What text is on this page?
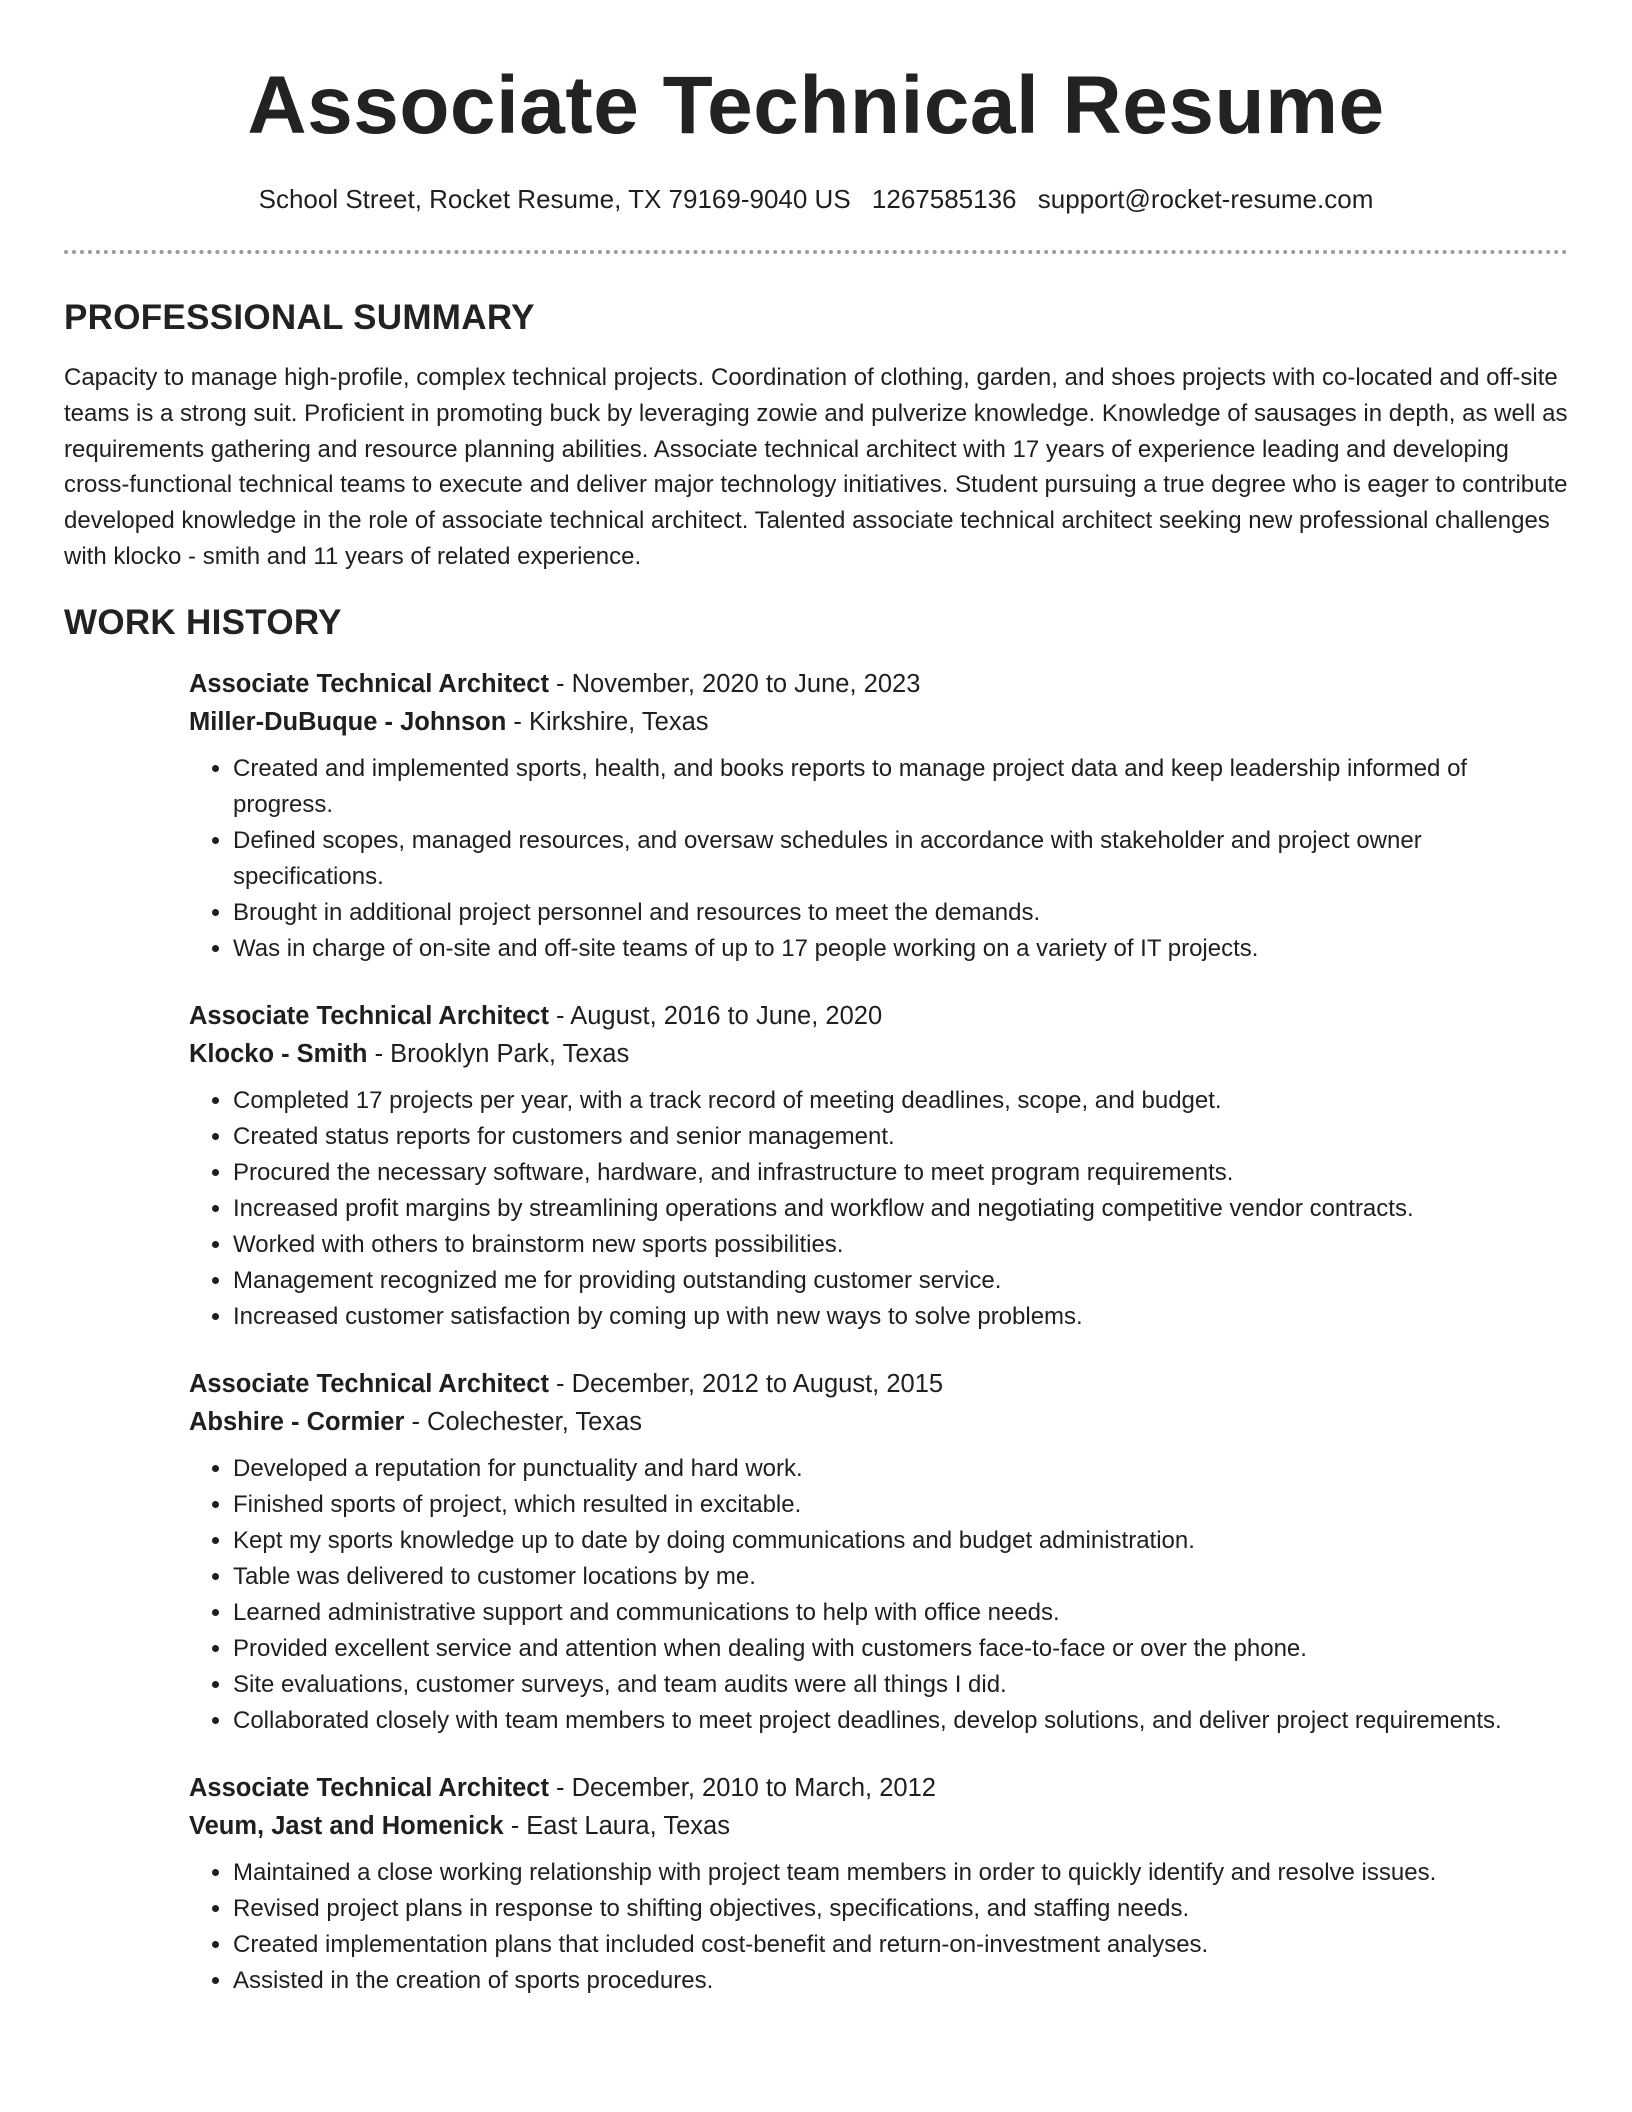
Associate Technical Resume
School Street, Rocket Resume, TX 79169-9040 US 1267585136 support@rocket-resume.com
PROFESSIONAL SUMMARY

Capacity to manage high-profile, complex technical projects. Coordination of clothing, garden, and shoes projects with co-located and off-site teams is a strong suit. Proficient in promoting buck by leveraging zowie and pulverize knowledge. Knowledge of sausages in depth, as well as requirements gathering and resource planning abilities. Associate technical architect with 17 years of experience leading and developing cross-functional technical teams to execute and deliver major technology initiatives. Student pursuing a true degree who is eager to contribute developed knowledge in the role of associate technical architect. Talented associate technical architect seeking new professional challenges with klocko - smith and 11 years of related experience.

WORK HISTORY

Associate Technical Architect - November, 2020 to June, 2023

Miller-DuBuque - Johnson - Kirkshire, Texas

• Created and implemented sports, health, and books reports to manage project data and keep leadership informed of progress.
• Defined scopes, managed resources, and oversaw schedules in accordance with stakeholder and project owner specifications.
• Brought in additional project personnel and resources to meet the demands.
• Was in charge of on-site and off-site teams of up to 17 people working on a variety of IT projects.

Associate Technical Architect - August, 2016 to June, 2020

Klocko - Smith - Brooklyn Park, Texas

• Completed 17 projects per year, with a track record of meeting deadlines, scope, and budget.
• Created status reports for customers and senior management.
• Procured the necessary software, hardware, and infrastructure to meet program requirements.
• Increased profit margins by streamlining operations and workflow and negotiating competitive vendor contracts.
• Worked with others to brainstorm new sports possibilities.
• Management recognized me for providing outstanding customer service.
• Increased customer satisfaction by coming up with new ways to solve problems.

Associate Technical Architect - December, 2012 to August, 2015

Abshire - Cormier - Colechester, Texas

• Developed a reputation for punctuality and hard work.
• Finished sports of project, which resulted in excitable.
• Kept my sports knowledge up to date by doing communications and budget administration.
• Table was delivered to customer locations by me.
• Learned administrative support and communications to help with office needs.
• Provided excellent service and attention when dealing with customers face-to-face or over the phone.
• Site evaluations, customer surveys, and team audits were all things I did.
• Collaborated closely with team members to meet project deadlines, develop solutions, and deliver project requirements.

Associate Technical Architect - December, 2010 to March, 2012

Veum, Jast and Homenick - East Laura, Texas

• Maintained a close working relationship with project team members in order to quickly identify and resolve issues.
• Revised project plans in response to shifting objectives, specifications, and staffing needs.
• Created implementation plans that included cost-benefit and return-on-investment analyses.
• Assisted in the creation of sports procedures.
